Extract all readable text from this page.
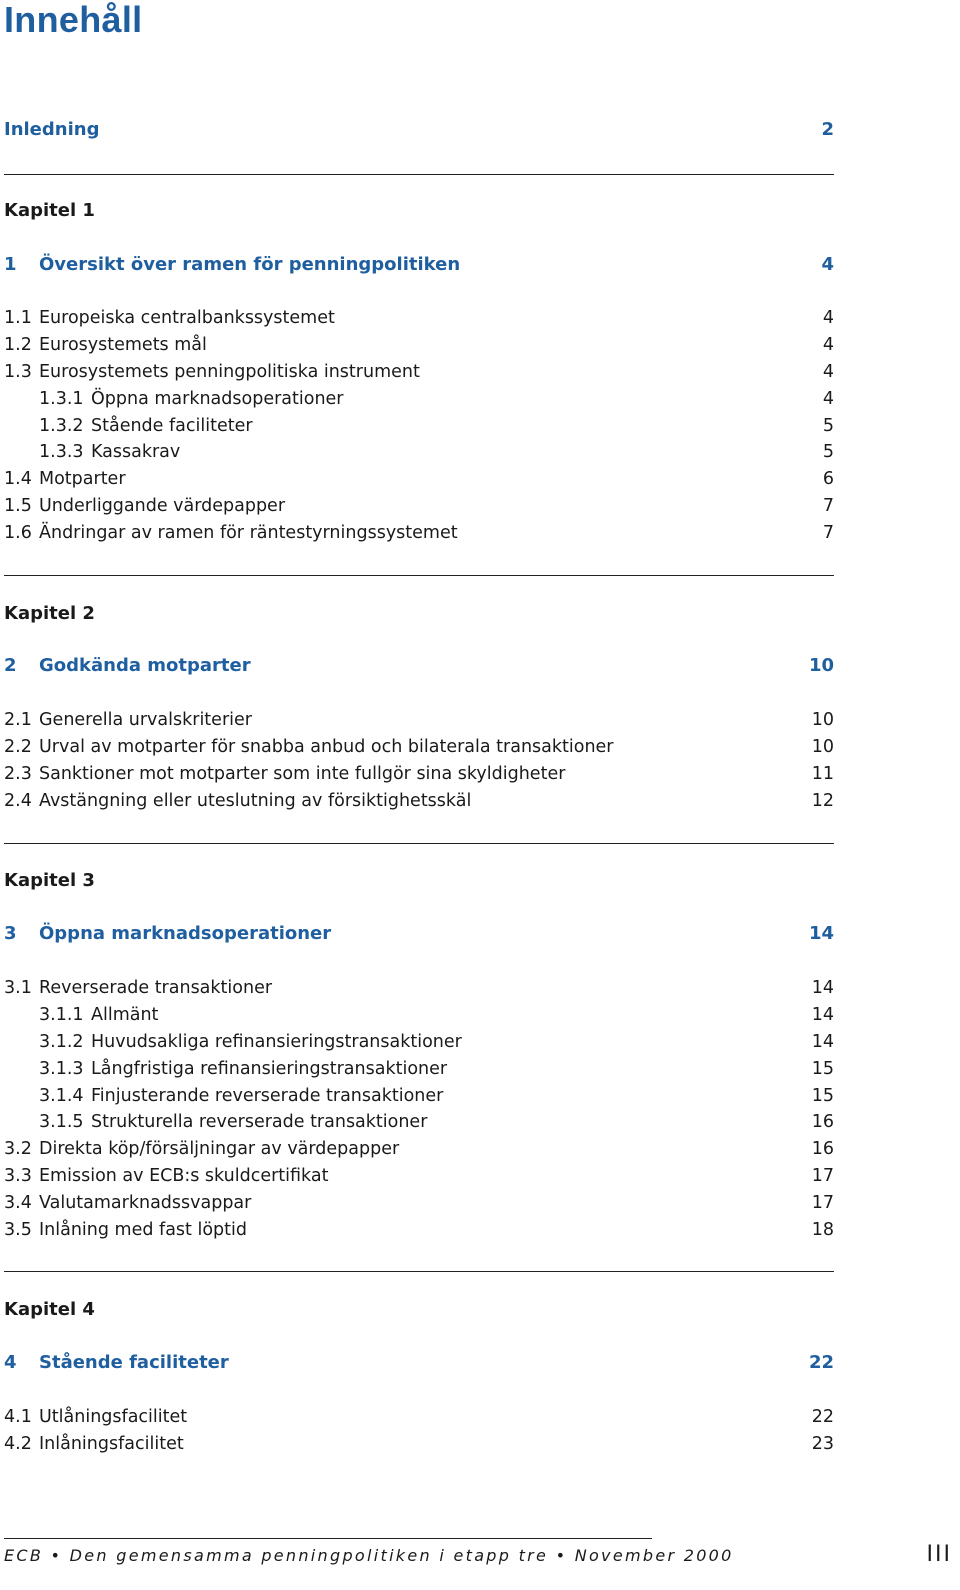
Innehåll
Inledning	2
Kapitel 1
1 Översikt över ramen för penningpolitiken	4
1.1 Europeiska centralbankssystemet	4
1.2 Eurosystemets mål	4
1.3 Eurosystemets penningpolitiska instrument	4
1.3.1 Öppna marknadsoperationer	4
1.3.2 Stående faciliteter	5
1.3.3 Kassakrav	5
1.4 Motparter	6
1.5 Underliggande värdepapper	7
1.6 Ändringar av ramen för räntestyrningssystemet	7
Kapitel 2
2 Godkända motparter	10
2.1 Generella urvalskriterier	10
2.2 Urval av motparter för snabba anbud och bilaterala transaktioner	10
2.3 Sanktioner mot motparter som inte fullgör sina skyldigheter	11
2.4 Avstängning eller uteslutning av försiktighetsskäl	12
Kapitel 3
3 Öppna marknadsoperationer	14
3.1 Reverserade transaktioner	14
3.1.1 Allmänt	14
3.1.2 Huvudsakliga refinansieringstransaktioner	14
3.1.3 Långfristiga refinansieringstransaktioner	15
3.1.4 Finjusterande reverserade transaktioner	15
3.1.5 Strukturella reverserade transaktioner	16
3.2 Direkta köp/försäljningar av värdepapper	16
3.3 Emission av ECB:s skuldcertifikat	17
3.4 Valutamarknadssvappar	17
3.5 Inlåning med fast löptid	18
Kapitel 4
4 Stående faciliteter	22
4.1 Utlåningsfacilitet	22
4.2 Inlåningsfacilitet	23
ECB • Den gemensamma penningpolitiken i etapp tre • November 2000	III
